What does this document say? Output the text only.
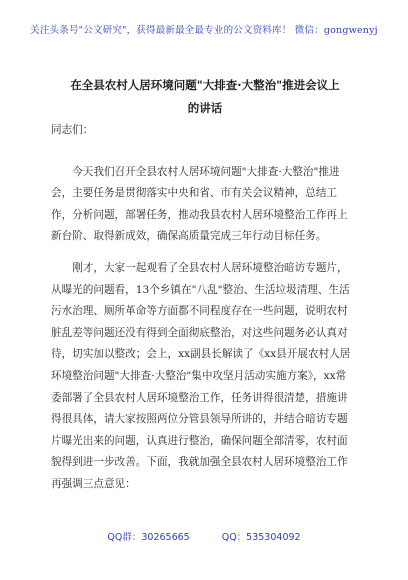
关注头条号"公文研究"，获得最新最全最专业的公文资料库！ 微信：gongwenyj
在全县农村人居环境问题"大排查·大整治"推进会议上
的讲话

同志们：

今天我们召开全县农村人居环境问题"大排查·大整治"推进会，主要任务是贯彻落实中央和省、市有关会议精神，总结工作，分析问题，部署任务，推动我县农村人居环境整治工作再上新台阶、取得新成效，确保高质量完成三年行动目标任务。

刚才，大家一起观看了全县农村人居环境整治暗访专题片，从曝光的问题看，13个乡镇在"八乱"整治、生活垃圾清理、生活污水治理、厕所革命等方面都不同程度存在一些问题，说明农村脏乱差等问题还没有得到全面彻底整治，对这些问题务必认真对待，切实加以整改；会上，xx副县长解读了《xx县开展农村人居环境整治问题"大排查·大整治"集中攻坚月活动实施方案》，xx常委部署了全县农村人居环境整治工作，任务讲得很清楚，措施讲得很具体，请大家按照两位分管县领导所讲的，并结合暗访专题片曝光出来的问题，认真进行整治，确保问题全部清零，农村面貌得到进一步改善。下面，我就加强全县农村人居环境整治工作再强调三点意见：

QQ群：30265665	QQ：535304092
